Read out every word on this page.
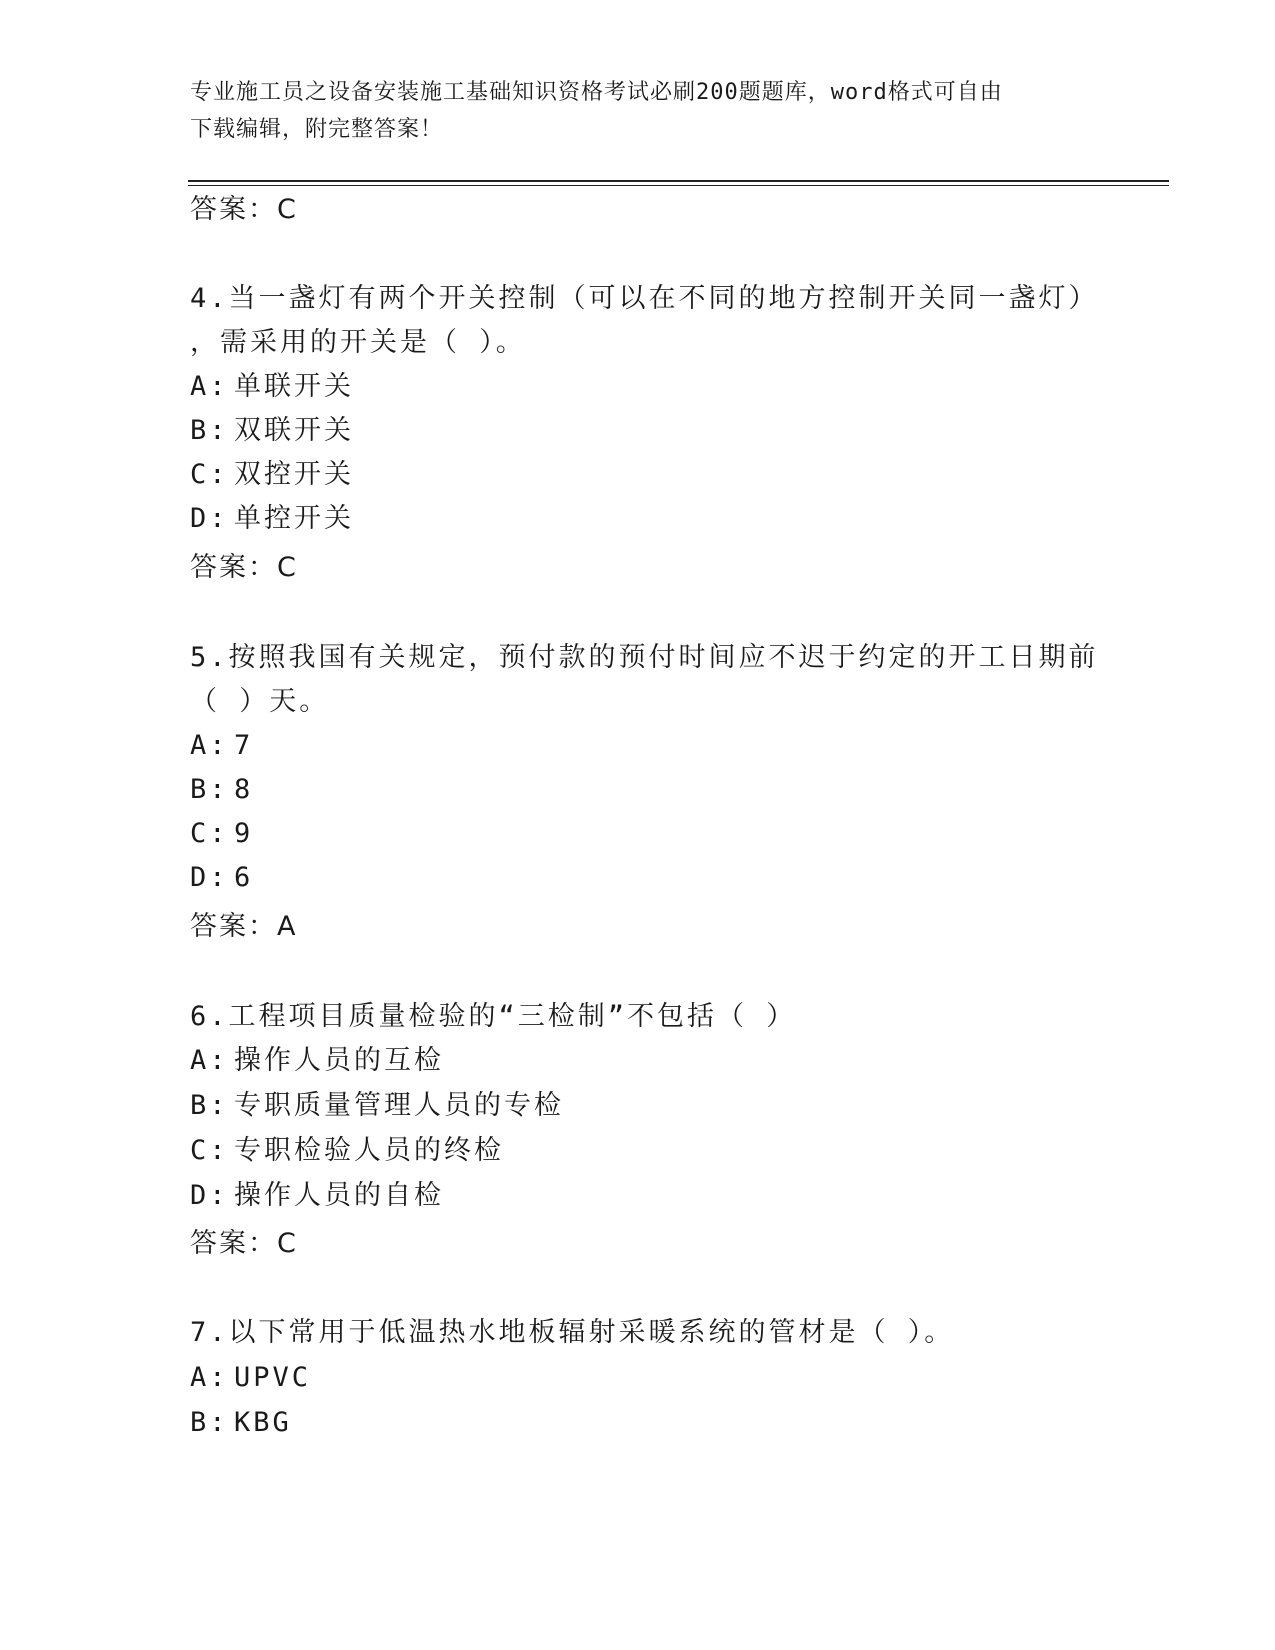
专业施工员之设备安装施工基础知识资格考试必刷200题题库，word格式可自由
下载编辑，附完整答案！
答案：C
4.当一盏灯有两个开关控制（可以在不同的地方控制开关同一盏灯）
，需采用的开关是（ ）。
A: 单联开关
B: 双联开关
C: 双控开关
D: 单控开关
答案：C
5.按照我国有关规定，预付款的预付时间应不迟于约定的开工日期前
（ ）天。
A: 7
B: 8
C: 9
D: 6
答案：A
6.工程项目质量检验的“三检制”不包括（ ）
A: 操作人员的互检
B: 专职质量管理人员的专检
C: 专职检验人员的终检
D: 操作人员的自检
答案：C
7.以下常用于低温热水地板辐射采暖系统的管材是（ ）。
A: UPVC
B: KBG
